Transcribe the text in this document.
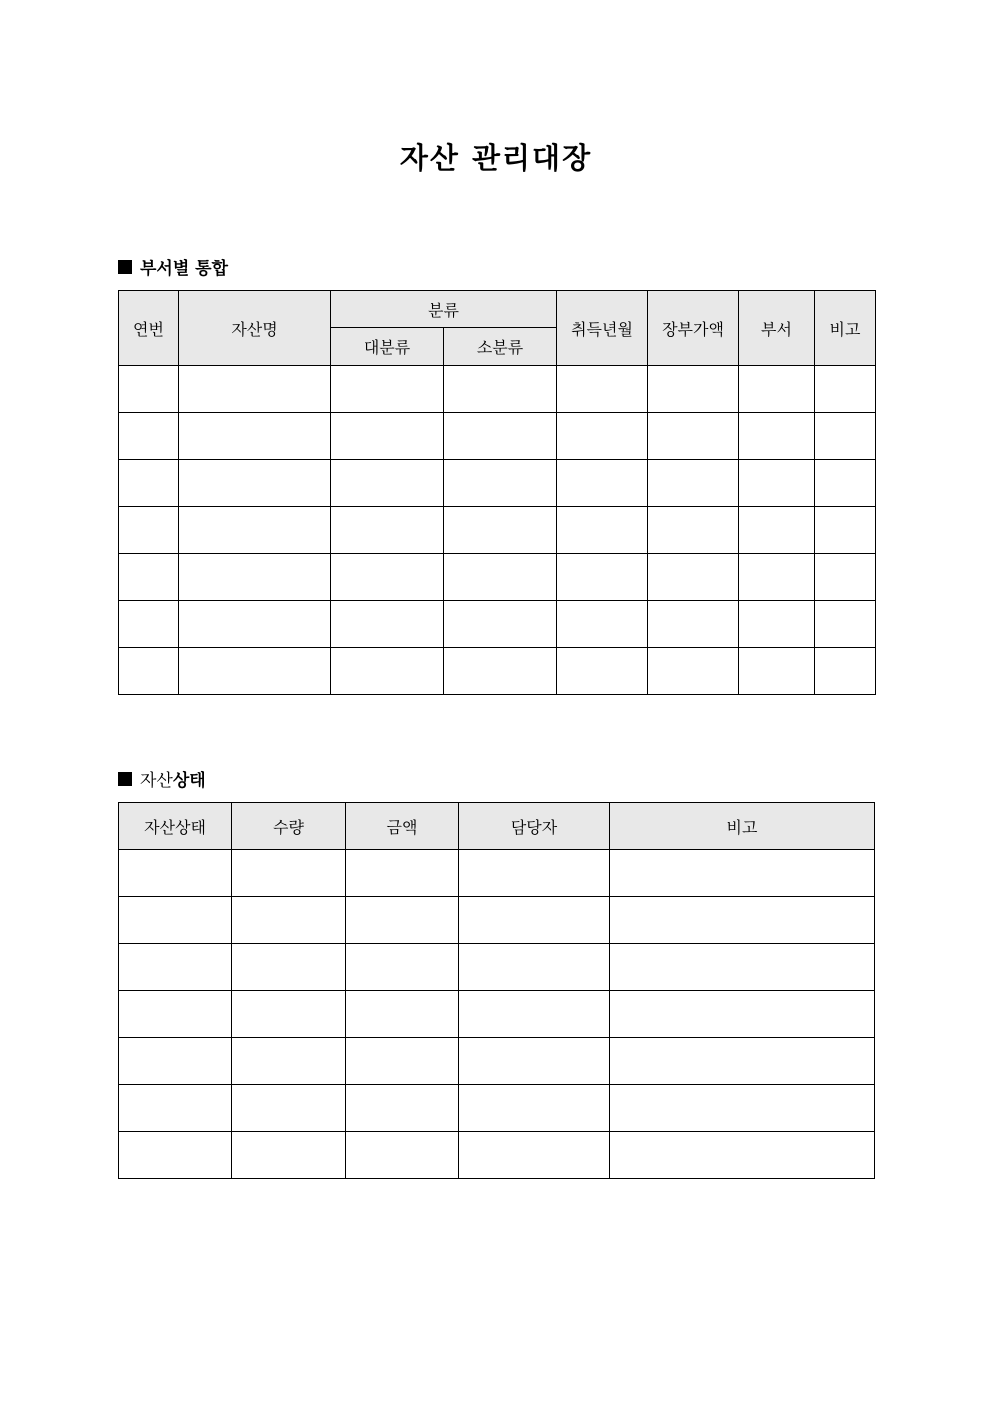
자산 관리대장
부서별 통합
연번	자산명	분류		취득년월	장부가액	부서	비고
		대분류	소분류				

자산상태
자산상태	수량	금액	담당자	비고
